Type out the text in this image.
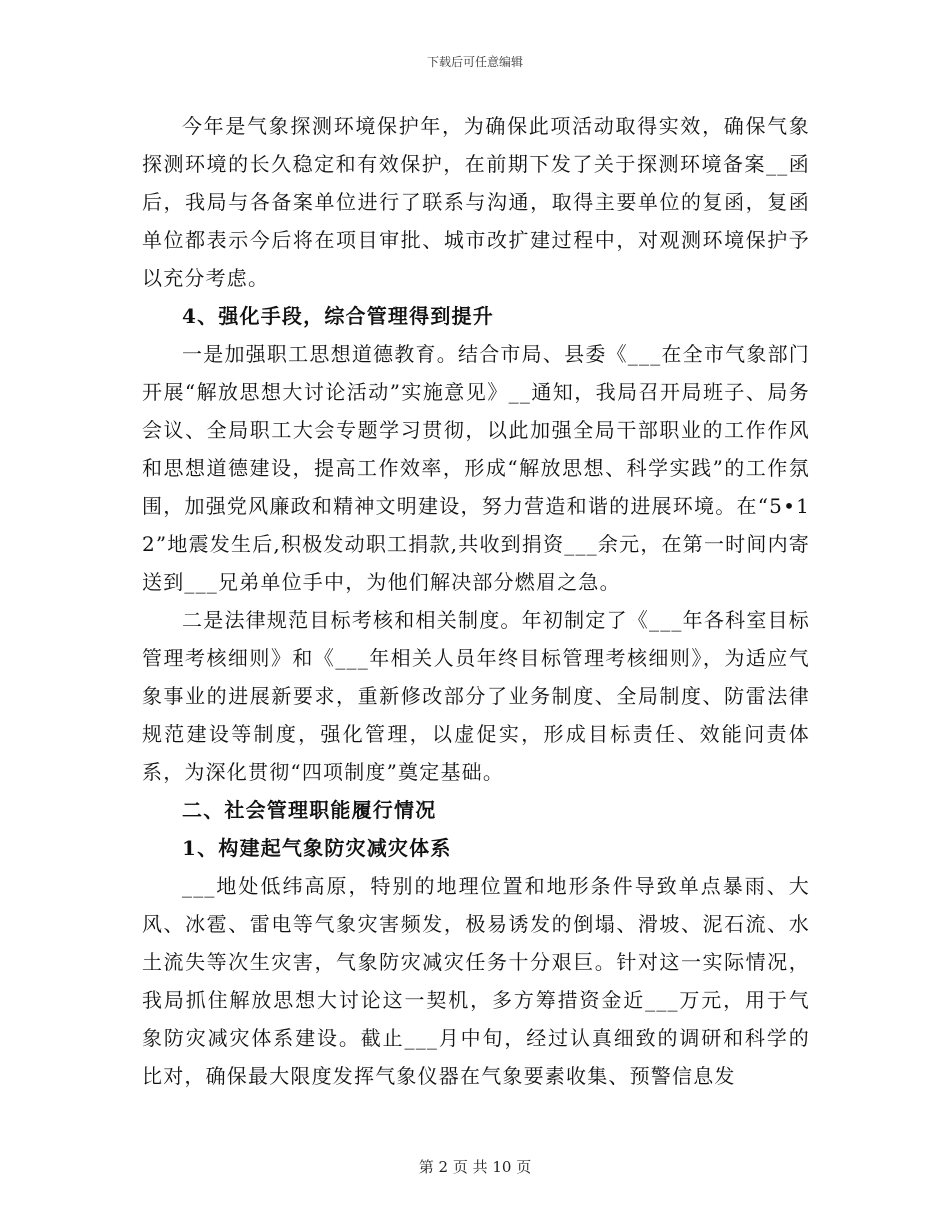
下载后可任意编辑

今年是气象探测环境保护年，为确保此项活动取得实效，确保气象探测环境的长久稳定和有效保护，在前期下发了关于探测环境备案__函后，我局与各备案单位进行了联系与沟通，取得主要单位的复函，复函单位都表示今后将在项目审批、城市改扩建过程中，对观测环境保护予以充分考虑。

4、强化手段，综合管理得到提升

一是加强职工思想道德教育。结合市局、县委《___在全市气象部门开展“解放思想大讨论活动”实施意见》__通知，我局召开局班子、局务会议、全局职工大会专题学习贯彻，以此加强全局干部职业的工作作风和思想道德建设，提高工作效率，形成“解放思想、科学实践”的工作氛围，加强党风廉政和精神文明建设，努力营造和谐的进展环境。在“5•12”地震发生后,积极发动职工捐款,共收到捐资___余元，在第一时间内寄送到___兄弟单位手中，为他们解决部分燃眉之急。

二是法律规范目标考核和相关制度。年初制定了《___年各科室目标管理考核细则》和《___年相关人员年终目标管理考核细则》，为适应气象事业的进展新要求，重新修改部分了业务制度、全局制度、防雷法律规范建设等制度，强化管理，以虚促实，形成目标责任、效能问责体系，为深化贯彻“四项制度”奠定基础。

二、社会管理职能履行情况

1、构建起气象防灾减灾体系

___地处低纬高原，特别的地理位置和地形条件导致单点暴雨、大风、冰雹、雷电等气象灾害频发，极易诱发的倒塌、滑坡、泥石流、水土流失等次生灾害，气象防灾减灾任务十分艰巨。针对这一实际情况，我局抓住解放思想大讨论这一契机，多方筹措资金近___万元，用于气象防灾减灾体系建设。截止___月中旬，经过认真细致的调研和科学的比对，确保最大限度发挥气象仪器在气象要素收集、预警信息发

第 2 页 共 10 页
